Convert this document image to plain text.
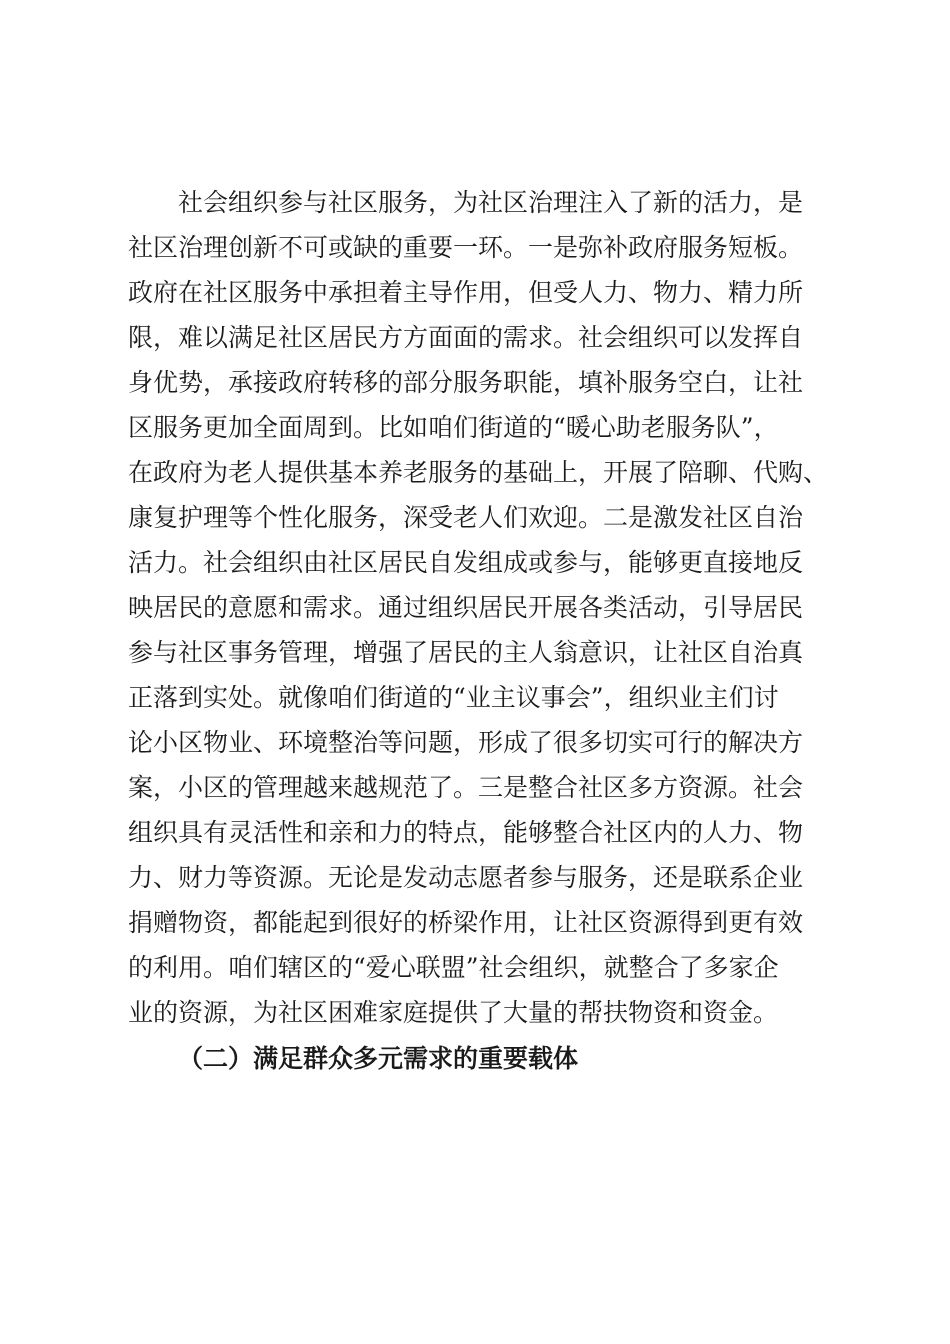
社会组织参与社区服务，为社区治理注入了新的活力，是
社区治理创新不可或缺的重要一环。一是弥补政府服务短板。
政府在社区服务中承担着主导作用，但受人力、物力、精力所
限，难以满足社区居民方方面面的需求。社会组织可以发挥自
身优势，承接政府转移的部分服务职能，填补服务空白，让社
区服务更加全面周到。比如咱们街道的“暖心助老服务队”，
在政府为老人提供基本养老服务的基础上，开展了陪聊、代购、
康复护理等个性化服务，深受老人们欢迎。二是激发社区自治
活力。社会组织由社区居民自发组成或参与，能够更直接地反
映居民的意愿和需求。通过组织居民开展各类活动，引导居民
参与社区事务管理，增强了居民的主人翁意识，让社区自治真
正落到实处。就像咱们街道的“业主议事会”，组织业主们讨
论小区物业、环境整治等问题，形成了很多切实可行的解决方
案，小区的管理越来越规范了。三是整合社区多方资源。社会
组织具有灵活性和亲和力的特点，能够整合社区内的人力、物
力、财力等资源。无论是发动志愿者参与服务，还是联系企业
捐赠物资，都能起到很好的桥梁作用，让社区资源得到更有效
的利用。咱们辖区的“爱心联盟”社会组织，就整合了多家企
业的资源，为社区困难家庭提供了大量的帮扶物资和资金。
（二）满足群众多元需求的重要载体
